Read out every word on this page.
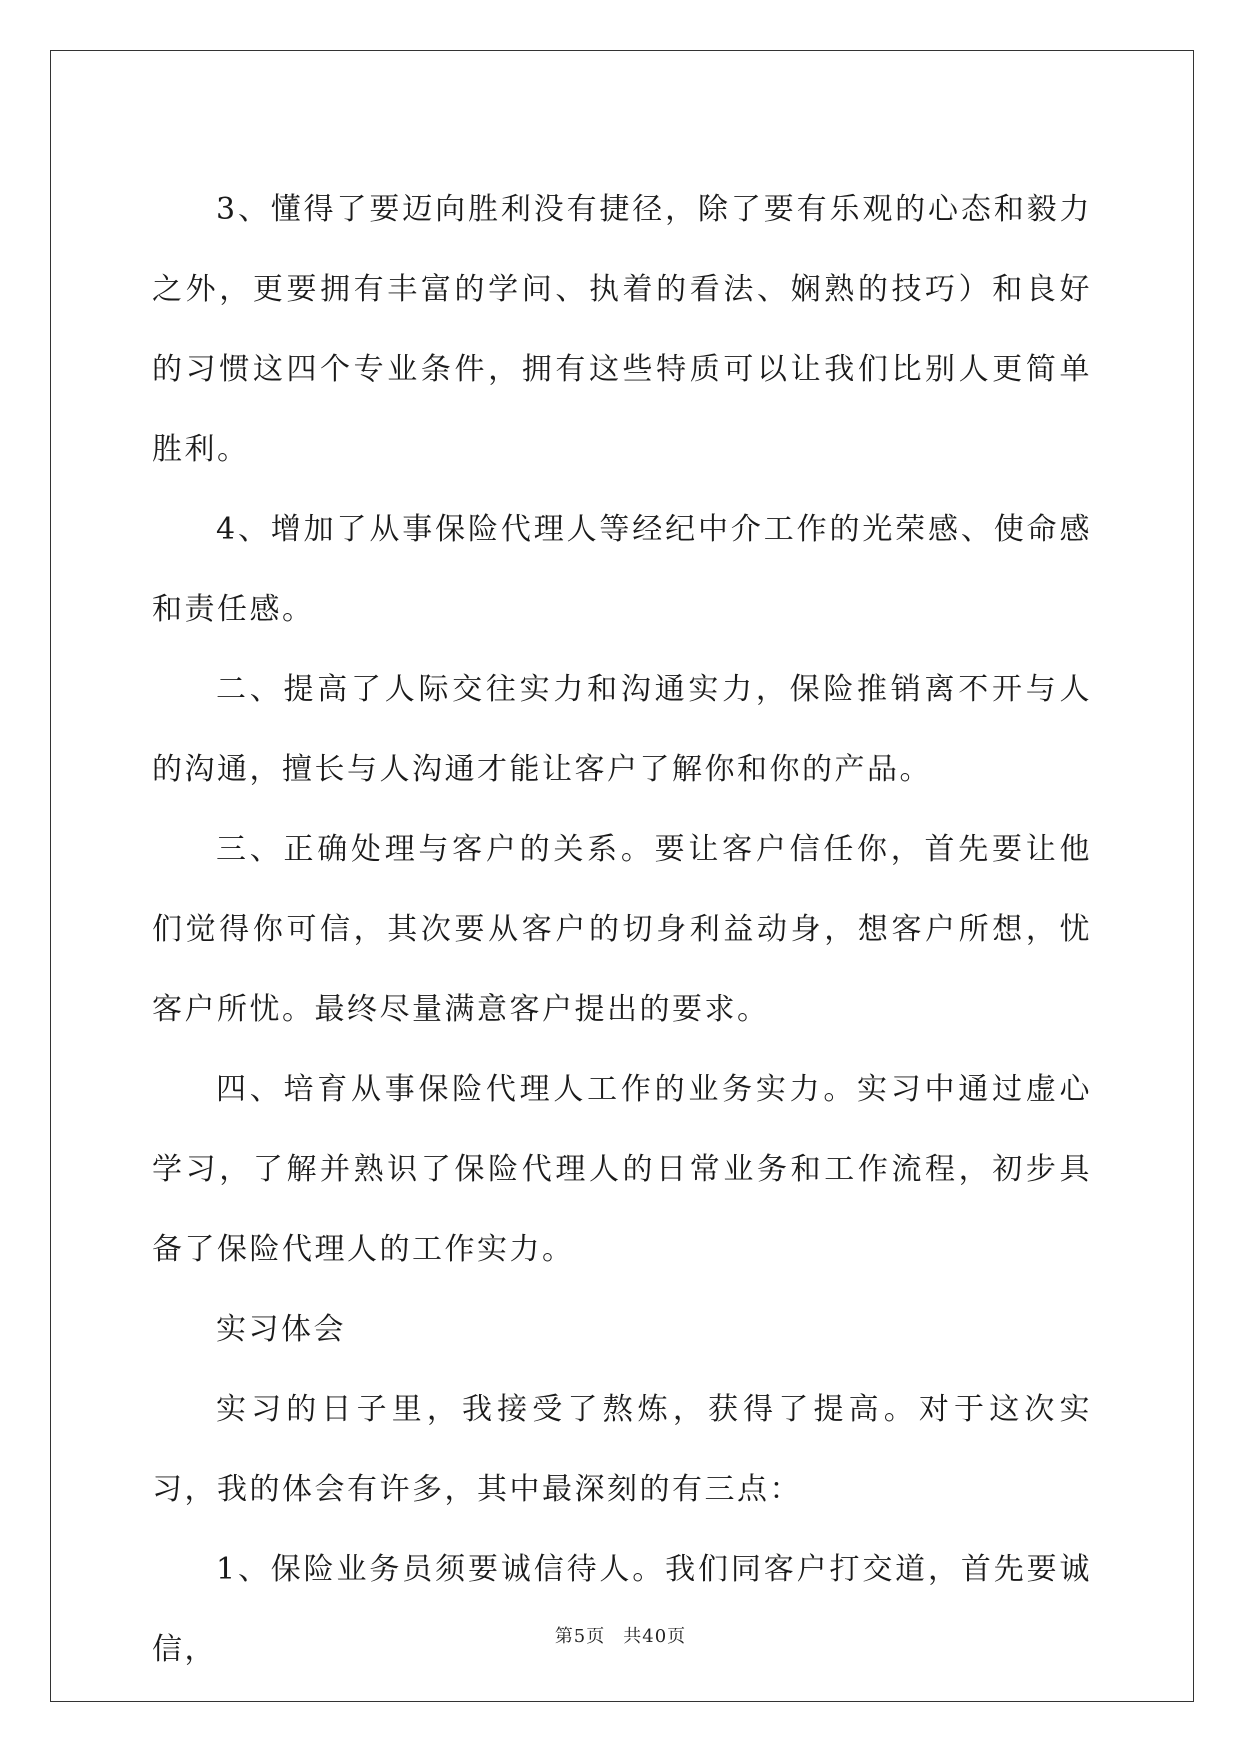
3、懂得了要迈向胜利没有捷径，除了要有乐观的心态和毅力之外，更要拥有丰富的学问、执着的看法、娴熟的技巧）和良好的习惯这四个专业条件，拥有这些特质可以让我们比别人更简单胜利。

4、增加了从事保险代理人等经纪中介工作的光荣感、使命感和责任感。

二、提高了人际交往实力和沟通实力，保险推销离不开与人的沟通，擅长与人沟通才能让客户了解你和你的产品。

三、正确处理与客户的关系。要让客户信任你，首先要让他们觉得你可信，其次要从客户的切身利益动身，想客户所想，忧客户所忧。最终尽量满意客户提出的要求。

四、培育从事保险代理人工作的业务实力。实习中通过虚心学习，了解并熟识了保险代理人的日常业务和工作流程，初步具备了保险代理人的工作实力。

实习体会

实习的日子里，我接受了熬炼，获得了提高。对于这次实习，我的体会有许多，其中最深刻的有三点：

1、保险业务员须要诚信待人。我们同客户打交道，首先要诚信，	第5页 共40页
